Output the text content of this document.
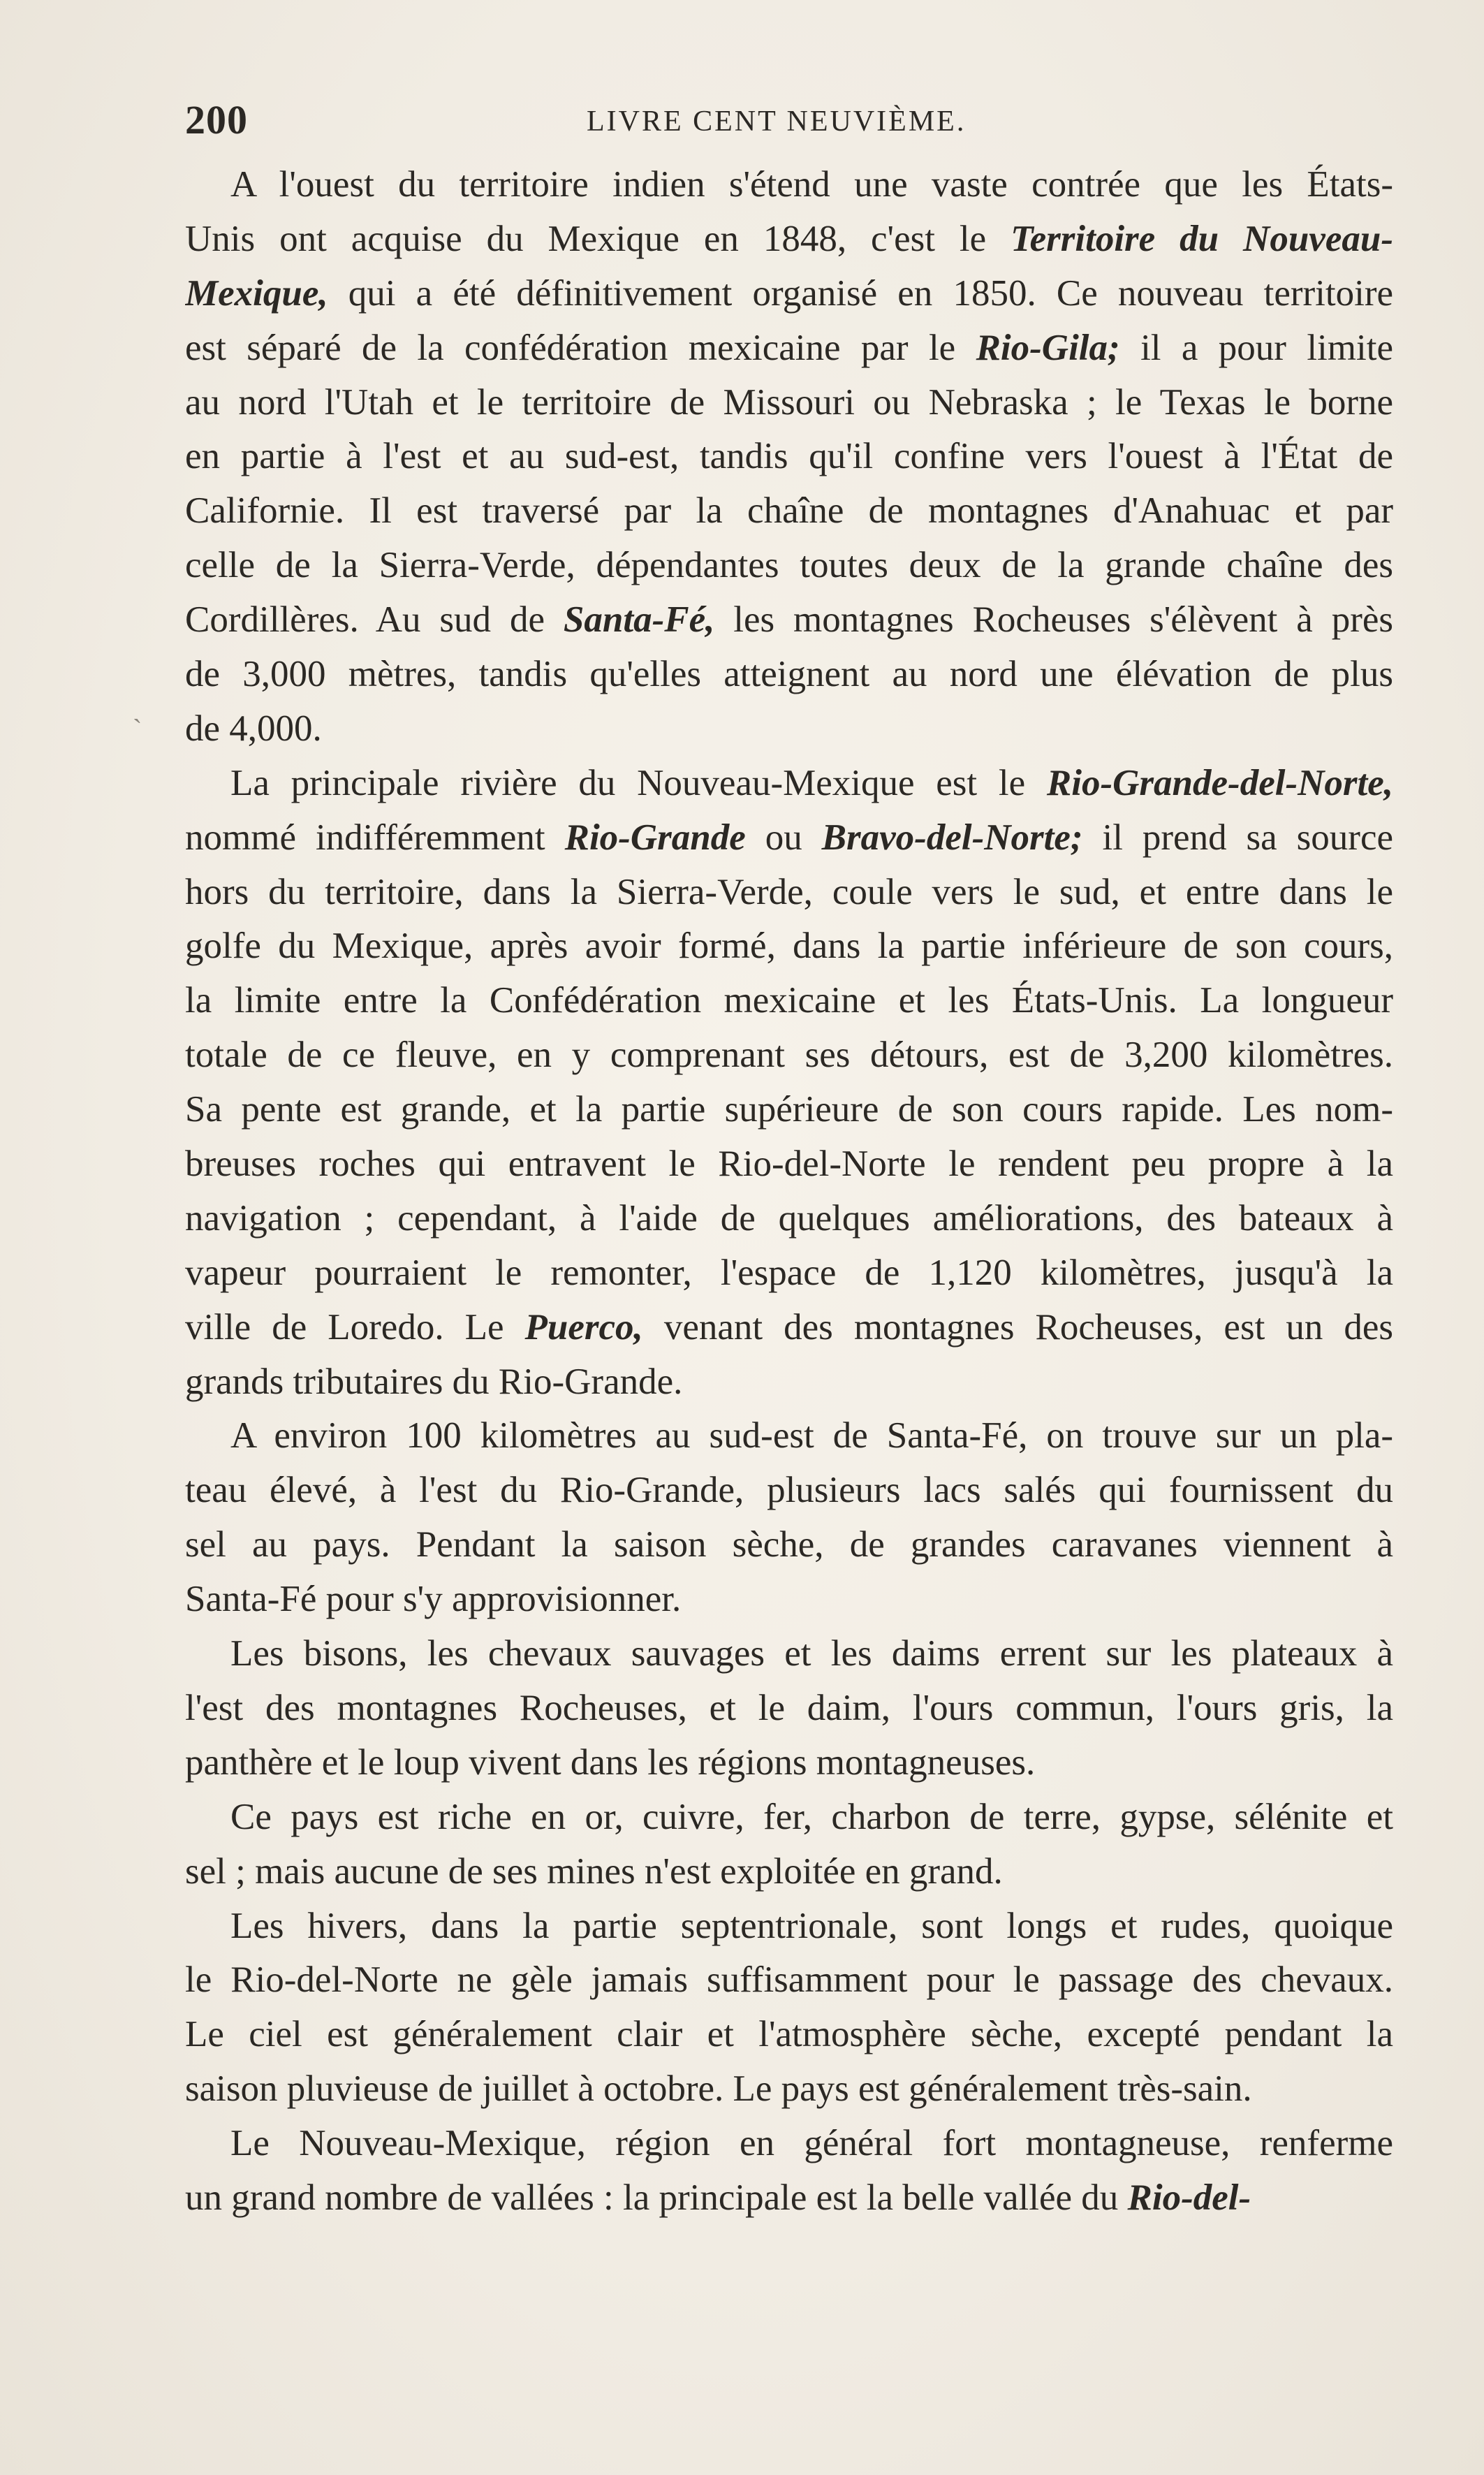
200	LIVRE CENT NEUVIÈME.
A l'ouest du territoire indien s'étend une vaste contrée que les États-
Unis ont acquise du Mexique en 1848, c'est le Territoire du Nouveau-
Mexique, qui a été définitivement organisé en 1850. Ce nouveau territoire
est séparé de la confédération mexicaine par le Rio-Gila; il a pour limite
au nord l'Utah et le territoire de Missouri ou Nebraska ; le Texas le borne
en partie à l'est et au sud-est, tandis qu'il confine vers l'ouest à l'État de
Californie. Il est traversé par la chaîne de montagnes d'Anahuac et par
celle de la Sierra-Verde, dépendantes toutes deux de la grande chaîne des
Cordillères. Au sud de Santa-Fé, les montagnes Rocheuses s'élèvent à près
de 3,000 mètres, tandis qu'elles atteignent au nord une élévation de plus
de 4,000.
La principale rivière du Nouveau-Mexique est le Rio-Grande-del-Norte,
nommé indifféremment Rio-Grande ou Bravo-del-Norte; il prend sa source
hors du territoire, dans la Sierra-Verde, coule vers le sud, et entre dans le
golfe du Mexique, après avoir formé, dans la partie inférieure de son cours,
la limite entre la Confédération mexicaine et les États-Unis. La longueur
totale de ce fleuve, en y comprenant ses détours, est de 3,200 kilomètres.
Sa pente est grande, et la partie supérieure de son cours rapide. Les nom-
breuses roches qui entravent le Rio-del-Norte le rendent peu propre à la
navigation ; cependant, à l'aide de quelques améliorations, des bateaux à
vapeur pourraient le remonter, l'espace de 1,120 kilomètres, jusqu'à la
ville de Loredo. Le Puerco, venant des montagnes Rocheuses, est un des
grands tributaires du Rio-Grande.
A environ 100 kilomètres au sud-est de Santa-Fé, on trouve sur un pla-
teau élevé, à l'est du Rio-Grande, plusieurs lacs salés qui fournissent du
sel au pays. Pendant la saison sèche, de grandes caravanes viennent à
Santa-Fé pour s'y approvisionner.
Les bisons, les chevaux sauvages et les daims errent sur les plateaux à
l'est des montagnes Rocheuses, et le daim, l'ours commun, l'ours gris, la
panthère et le loup vivent dans les régions montagneuses.
Ce pays est riche en or, cuivre, fer, charbon de terre, gypse, sélénite et
sel ; mais aucune de ses mines n'est exploitée en grand.
Les hivers, dans la partie septentrionale, sont longs et rudes, quoique
le Rio-del-Norte ne gèle jamais suffisamment pour le passage des chevaux.
Le ciel est généralement clair et l'atmosphère sèche, excepté pendant la
saison pluvieuse de juillet à octobre. Le pays est généralement très-sain.
Le Nouveau-Mexique, région en général fort montagneuse, renferme
un grand nombre de vallées : la principale est la belle vallée du Rio-del-
ˋ
